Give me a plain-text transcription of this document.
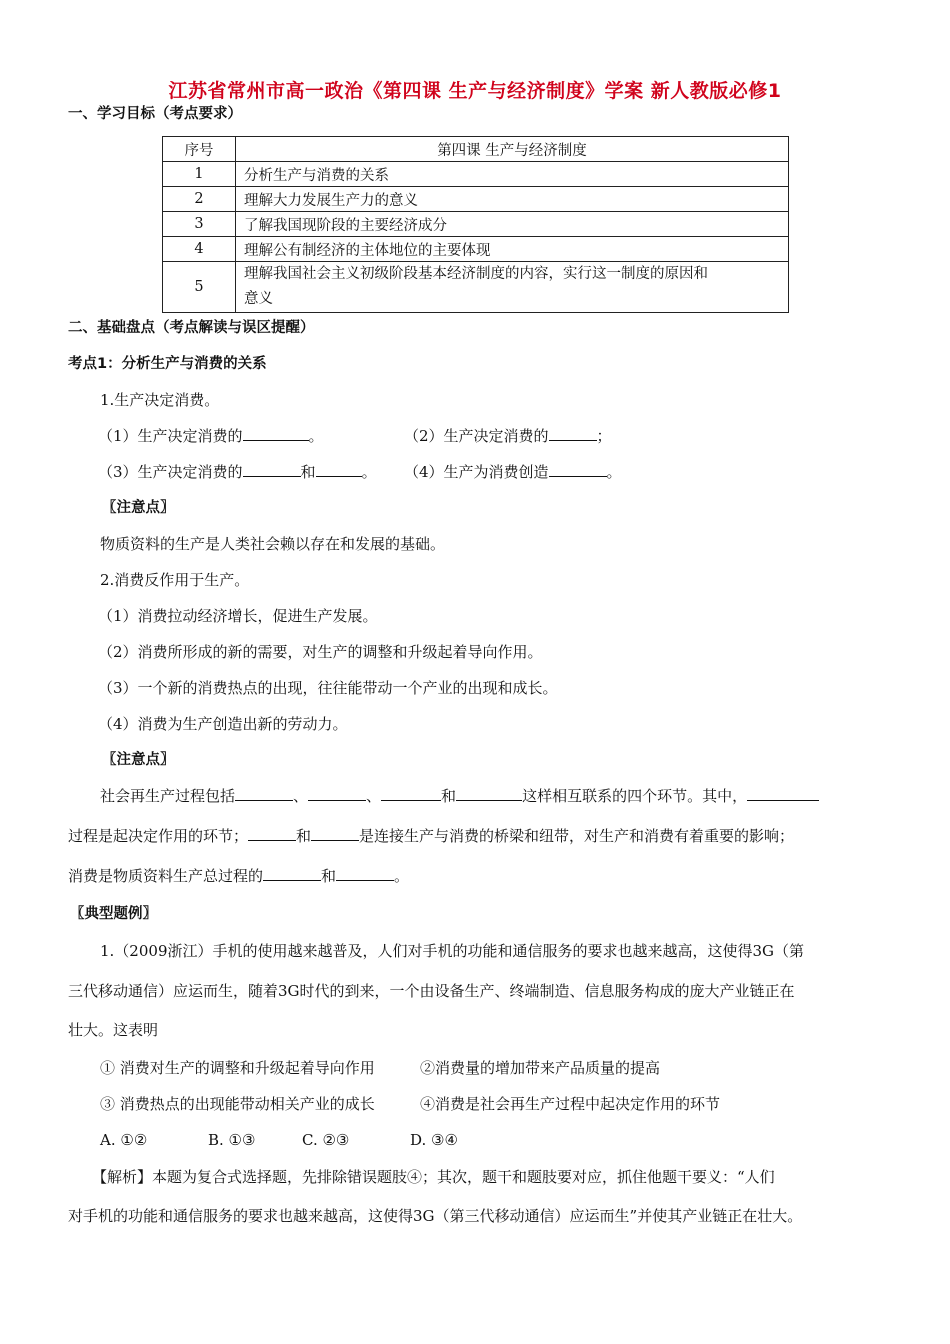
江苏省常州市高一政治《第四课 生产与经济制度》学案 新人教版必修1
一、学习目标（考点要求）
序号	第四课 生产与经济制度
1	分析生产与消费的关系
2	理解大力发展生产力的意义
3	了解我国现阶段的主要经济成分
4	理解公有制经济的主体地位的主要体现
5	理解我国社会主义初级阶段基本经济制度的内容，实行这一制度的原因和
意义
二、基础盘点（考点解读与误区提醒）
考点1：分析生产与消费的关系
1.生产决定消费。
（1）生产决定消费的	。	（2）生产决定消费的	；
（3）生产决定消费的	和	。 （4）生产为消费创造	。
〖注意点〗
物质资料的生产是人类社会赖以存在和发展的基础。
2.消费反作用于生产。
（1）消费拉动经济增长，促进生产发展。
（2）消费所形成的新的需要，对生产的调整和升级起着导向作用。
（3）一个新的消费热点的出现，往往能带动一个产业的出现和成长。
（4）消费为生产创造出新的劳动力。
〖注意点〗
社会再生产过程包括	、	、	和	这样相互联系的四个环节。其中，
过程是起决定作用的环节；	和	是连接生产与消费的桥梁和纽带，对生产和消费有着重要的影响；
消费是物质资料生产总过程的	和	。
〖典型题例〗
1.（2009浙江）手机的使用越来越普及，人们对手机的功能和通信服务的要求也越来越高，这使得3G（第
三代移动通信）应运而生，随着3G时代的到来，一个由设备生产、终端制造、信息服务构成的庞大产业链正在
壮大。这表明
① 消费对生产的调整和升级起着导向作用	②消费量的增加带来产品质量的提高
③ 消费热点的出现能带动相关产业的成长	④消费是社会再生产过程中起决定作用的环节
A. ①②	B. ①③	C. ②③	D. ③④
【解析】本题为复合式选择题，先排除错误题肢④；其次，题干和题肢要对应，抓住他题干要义：“人们
对手机的功能和通信服务的要求也越来越高，这使得3G（第三代移动通信）应运而生”并使其产业链正在壮大。
